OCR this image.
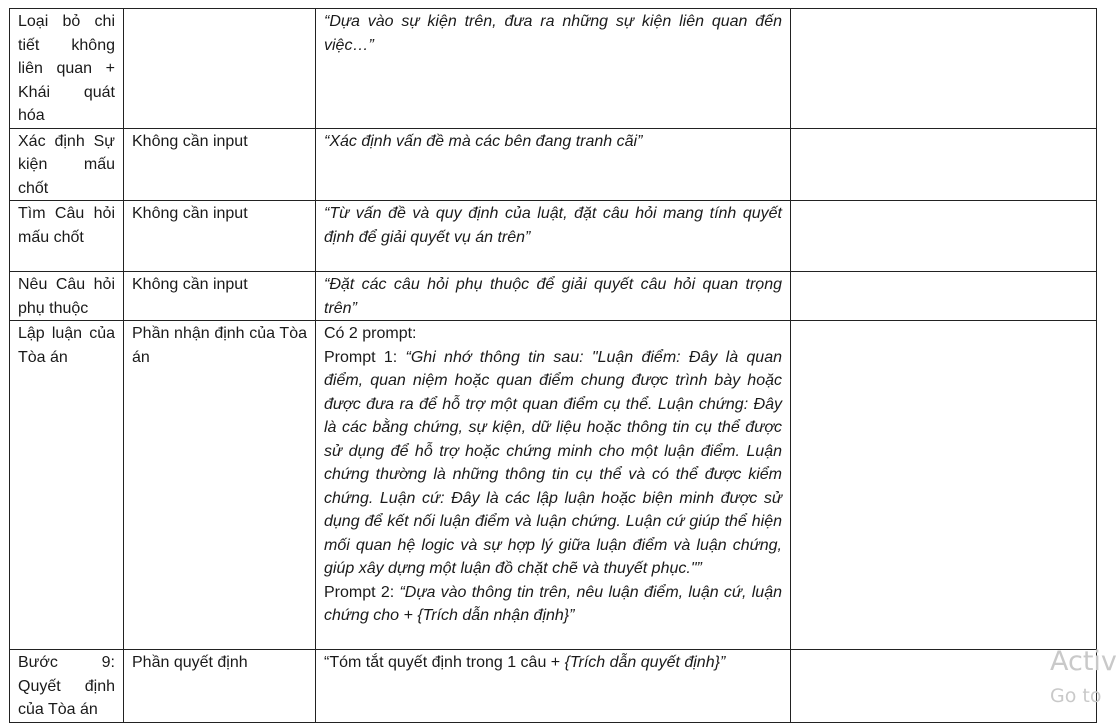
Loại bỏ chi tiết không liên quan + Khái quát hóa		“Dựa vào sự kiện trên, đưa ra những sự kiện liên quan đến việc…”	
Xác định Sự kiện mấu chốt	Không cần input	“Xác định vấn đề mà các bên đang tranh cãi”	
Tìm Câu hỏi mấu chốt	Không cần input	“Từ vấn đề và quy định của luật, đặt câu hỏi mang tính quyết định để giải quyết vụ án trên”	
Nêu Câu hỏi phụ thuộc	Không cần input	“Đặt các câu hỏi phụ thuộc để giải quyết câu hỏi quan trọng trên”	
Lập luận của Tòa án	Phần nhận định của Tòa án	Có 2 prompt:
Prompt 1: “Ghi nhớ thông tin sau: "Luận điểm: Đây là quan điểm, quan niệm hoặc quan điểm chung được trình bày hoặc được đưa ra để hỗ trợ một quan điểm cụ thể. Luận chứng: Đây là các bằng chứng, sự kiện, dữ liệu hoặc thông tin cụ thể được sử dụng để hỗ trợ hoặc chứng minh cho một luận điểm. Luận chứng thường là những thông tin cụ thể và có thể được kiểm chứng. Luận cứ: Đây là các lập luận hoặc biện minh được sử dụng để kết nối luận điểm và luận chứng. Luận cứ giúp thể hiện mối quan hệ logic và sự hợp lý giữa luận điểm và luận chứng, giúp xây dựng một luận đồ chặt chẽ và thuyết phục."”
Prompt 2: “Dựa vào thông tin trên, nêu luận điểm, luận cứ, luận chứng cho + {Trích dẫn nhận định}”	
Bước 9: Quyết định của Tòa án	Phần quyết định	“Tóm tắt quyết định trong 1 câu + {Trích dẫn quyết định}”		Activ
Go to
